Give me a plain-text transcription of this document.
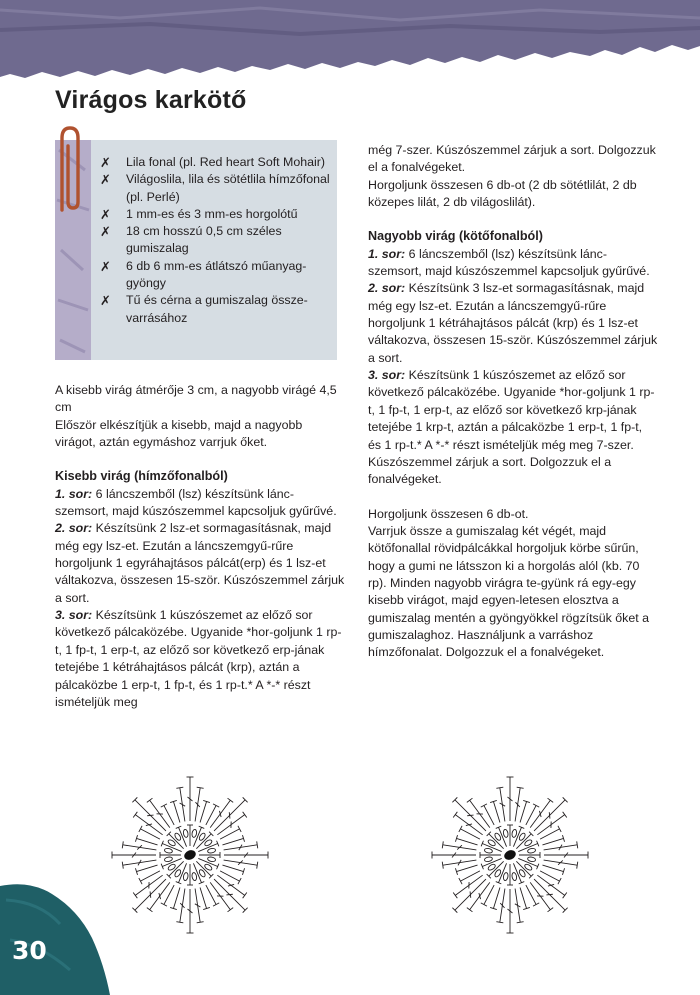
Virágos karkötő
✗ Lila fonal (pl. Red heart Soft Mohair)
✗ Világoslila, lila és sötétlila hímzőfonal (pl. Perlé)
✗ 1 mm-es és 3 mm-es horgolótű
✗ 18 cm hosszú 0,5 cm széles gumiszalag
✗ 6 db 6 mm-es átlátszó műanyag-gyöngy
✗ Tű és cérna a gumiszalag össze-varrásához

A kisebb virág átmérője 3 cm, a nagyobb virágé 4,5 cm

Először elkészítjük a kisebb, majd a nagyobb virágot, aztán egymáshoz varrjuk őket.

Kisebb virág (hímzőfonalból)

1. sor: 6 láncszemből (lsz) készítsünk lánc-szemsort, majd kúszószemmel kapcsoljuk gyűrűvé.

2. sor: Készítsünk 2 lsz-et sormagasításnak, majd még egy lsz-et. Ezután a láncszemgyű-rűre horgoljunk 1 egyráhajtásos pálcát(erp) és 1 lsz-et váltakozva, összesen 15-ször. Kúszószemmel zárjuk a sort.

3. sor: Készítsünk 1 kúszószemet az előző sor következő pálcaközébe. Ugyanide *hor-goljunk 1 rp-t, 1 fp-t, 1 erp-t, az előző sor következő erp-jának tetejébe 1 kétráhajtásos pálcát (krp), aztán a pálcaközbe 1 erp-t, 1 fp-t, és 1 rp-t.* A *-* részt ismételjük meg

még 7-szer. Kúszószemmel zárjuk a sort. Dolgozzuk el a fonalvégeket.

Horgoljunk összesen 6 db-ot (2 db sötétlilát, 2 db közepes lilát, 2 db világoslilát).

Nagyobb virág (kötőfonalból)

1. sor: 6 láncszemből (lsz) készítsünk lánc-szemsort, majd kúszószemmel kapcsoljuk gyűrűvé.

2. sor: Készítsünk 3 lsz-et sormagasításnak, majd még egy lsz-et. Ezután a láncszemgyű-rűre horgoljunk 1 kétráhajtásos pálcát (krp) és 1 lsz-et váltakozva, összesen 15-ször. Kúszószemmel zárjuk a sort.

3. sor: Készítsünk 1 kúszószemet az előző sor következő pálcaközébe. Ugyanide *hor-goljunk 1 rp-t, 1 fp-t, 1 erp-t, az előző sor következő krp-jának tetejébe 1 krp-t, aztán a pálcaközbe 1 erp-t, 1 fp-t, és 1 rp-t.* A *-* részt ismételjük még meg 7-szer. Kúszószemmel zárjuk a sort. Dolgozzuk el a fonalvégeket.

Horgoljunk összesen 6 db-ot.

Varrjuk össze a gumiszalag két végét, majd kötőfonallal rövidpálcákkal horgoljuk körbe sűrűn, hogy a gumi ne látsszon ki a horgolás alól (kb. 70 rp). Minden nagyobb virágra te-gyünk rá egy-egy kisebb virágot, majd egyen-letesen elosztva a gumiszalag mentén a gyöngyökkel rögzítsük őket a gumiszalaghoz. Használjunk a varráshoz hímzőfonalat. Dolgozzuk el a fonalvégeket.

30
